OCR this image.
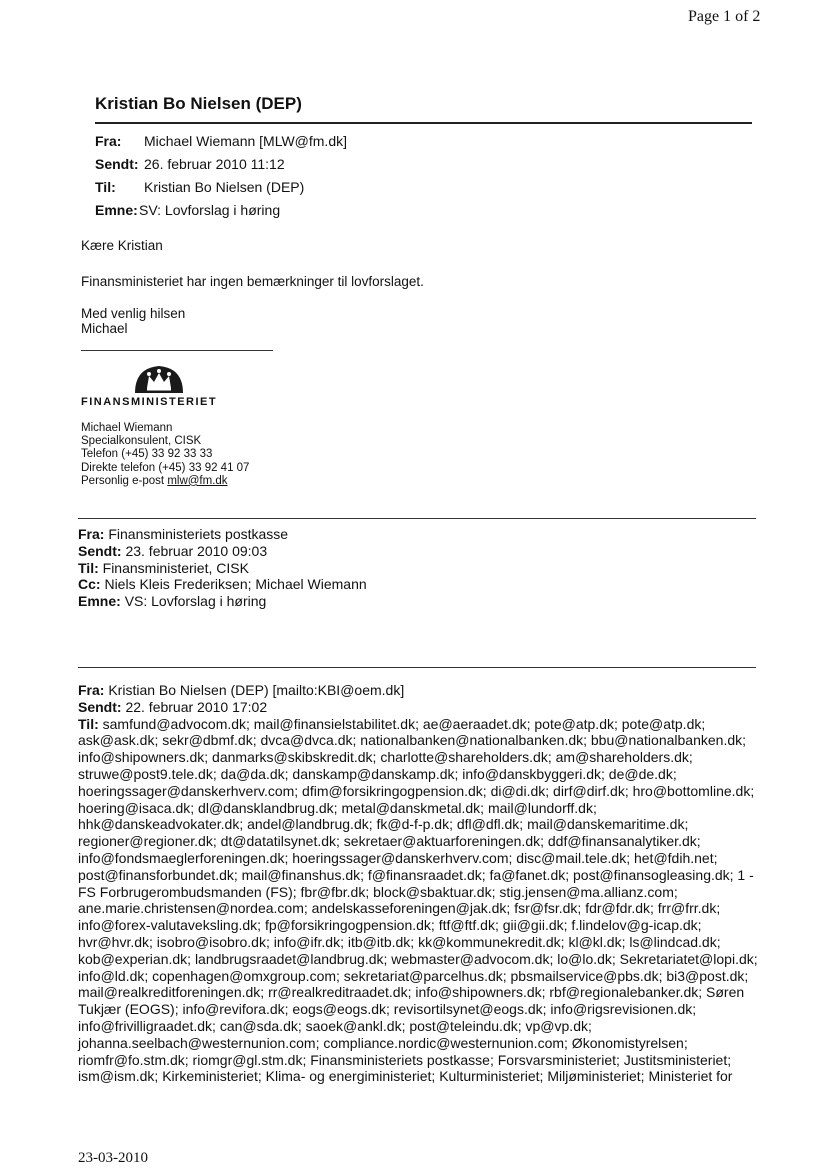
Page 1 of 2
Kristian Bo Nielsen (DEP)
Fra: Michael Wiemann [MLW@fm.dk]
Sendt: 26. februar 2010 11:12
Til: Kristian Bo Nielsen (DEP)
Emne:SV: Lovforslag i høring
Kære Kristian
Finansministeriet har ingen bemærkninger til lovforslaget.
Med venlig hilsen
Michael
FINANSMINISTERIET
Michael Wiemann
Specialkonsulent, CISK
Telefon (+45) 33 92 33 33
Direkte telefon (+45) 33 92 41 07
Personlig e-post mlw@fm.dk
Fra: Finansministeriets postkasse
Sendt: 23. februar 2010 09:03
Til: Finansministeriet, CISK
Cc: Niels Kleis Frederiksen; Michael Wiemann
Emne: VS: Lovforslag i høring
Fra: Kristian Bo Nielsen (DEP) [mailto:KBI@oem.dk]
Sendt: 22. februar 2010 17:02
Til: samfund@advocom.dk; mail@finansielstabilitet.dk; ae@aeraadet.dk; pote@atp.dk; pote@atp.dk;
ask@ask.dk; sekr@dbmf.dk; dvca@dvca.dk; nationalbanken@nationalbanken.dk; bbu@nationalbanken.dk;
info@shipowners.dk; danmarks@skibskredit.dk; charlotte@shareholders.dk; am@shareholders.dk;
struwe@post9.tele.dk; da@da.dk; danskamp@danskamp.dk; info@danskbyggeri.dk; de@de.dk;
hoeringssager@danskerhverv.com; dfim@forsikringogpension.dk; di@di.dk; dirf@dirf.dk; hro@bottomline.dk;
hoering@isaca.dk; dl@dansklandbrug.dk; metal@danskmetal.dk; mail@lundorff.dk;
hhk@danskeadvokater.dk; andel@landbrug.dk; fk@d-f-p.dk; dfl@dfl.dk; mail@danskemaritime.dk;
regioner@regioner.dk; dt@datatilsynet.dk; sekretaer@aktuarforeningen.dk; ddf@finansanalytiker.dk;
info@fondsmaeglerforeningen.dk; hoeringssager@danskerhverv.com; disc@mail.tele.dk; het@fdih.net;
post@finansforbundet.dk; mail@finanshus.dk; f@finansraadet.dk; fa@fanet.dk; post@finansogleasing.dk; 1 -
FS Forbrugerombudsmanden (FS); fbr@fbr.dk; block@sbaktuar.dk; stig.jensen@ma.allianz.com;
ane.marie.christensen@nordea.com; andelskasseforeningen@jak.dk; fsr@fsr.dk; fdr@fdr.dk; frr@frr.dk;
info@forex-valutaveksling.dk; fp@forsikringogpension.dk; ftf@ftf.dk; gii@gii.dk; f.lindelov@g-icap.dk;
hvr@hvr.dk; isobro@isobro.dk; info@ifr.dk; itb@itb.dk; kk@kommunekredit.dk; kl@kl.dk; ls@lindcad.dk;
kob@experian.dk; landbrugsraadet@landbrug.dk; webmaster@advocom.dk; lo@lo.dk; Sekretariatet@lopi.dk;
info@ld.dk; copenhagen@omxgroup.com; sekretariat@parcelhus.dk; pbsmailservice@pbs.dk; bi3@post.dk;
mail@realkreditforeningen.dk; rr@realkreditraadet.dk; info@shipowners.dk; rbf@regionalebanker.dk; Søren
Tukjær (EOGS); info@revifora.dk; eogs@eogs.dk; revisortilsynet@eogs.dk; info@rigsrevisionen.dk;
info@frivilligraadet.dk; can@sda.dk; saoek@ankl.dk; post@teleindu.dk; vp@vp.dk;
johanna.seelbach@westernunion.com; compliance.nordic@westernunion.com; Økonomistyrelsen;
riomfr@fo.stm.dk; riomgr@gl.stm.dk; Finansministeriets postkasse; Forsvarsministeriet; Justitsministeriet;
ism@ism.dk; Kirkeministeriet; Klima- og energiministeriet; Kulturministeriet; Miljøministeriet; Ministeriet for
23-03-2010
